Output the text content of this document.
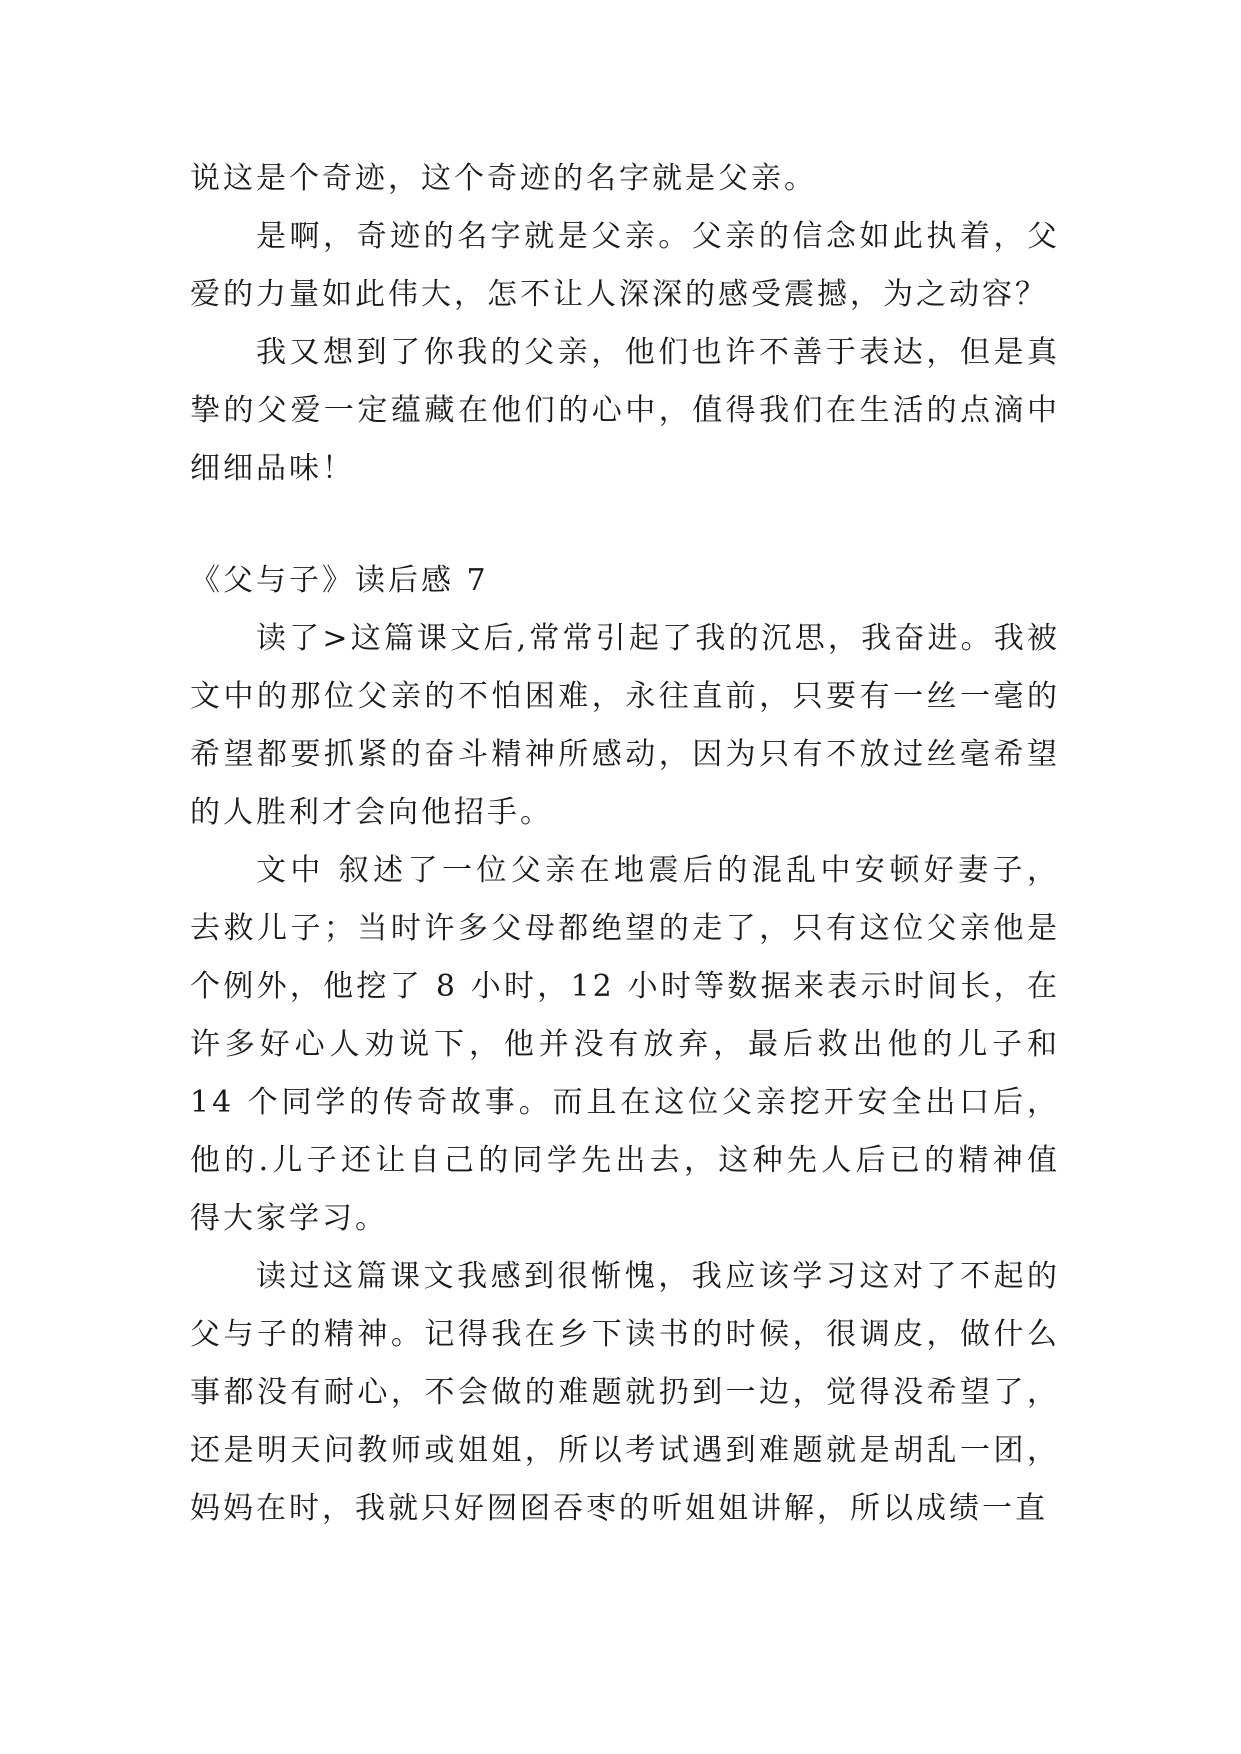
说这是个奇迹，这个奇迹的名字就是父亲。

是啊，奇迹的名字就是父亲。父亲的信念如此执着，父爱的力量如此伟大，怎不让人深深的感受震撼，为之动容？

我又想到了你我的父亲，他们也许不善于表达，但是真挚的父爱一定蕴藏在他们的心中，值得我们在生活的点滴中细细品味！

《父与子》读后感 7

读了>这篇课文后,常常引起了我的沉思，我奋进。我被文中的那位父亲的不怕困难，永往直前，只要有一丝一毫的希望都要抓紧的奋斗精神所感动，因为只有不放过丝毫希望的人胜利才会向他招手。

文中 叙述了一位父亲在地震后的混乱中安顿好妻子，去救儿子；当时许多父母都绝望的走了，只有这位父亲他是个例外，他挖了 8 小时，12 小时等数据来表示时间长，在许多好心人劝说下，他并没有放弃，最后救出他的儿子和 14 个同学的传奇故事。而且在这位父亲挖开安全出口后，他的.儿子还让自己的同学先出去，这种先人后已的精神值得大家学习。

读过这篇课文我感到很惭愧，我应该学习这对了不起的父与子的精神。记得我在乡下读书的时候，很调皮，做什么事都没有耐心，不会做的难题就扔到一边，觉得没希望了，还是明天问教师或姐姐，所以考试遇到难题就是胡乱一团，妈妈在时，我就只好囫囵吞枣的听姐姐讲解，所以成绩一直
